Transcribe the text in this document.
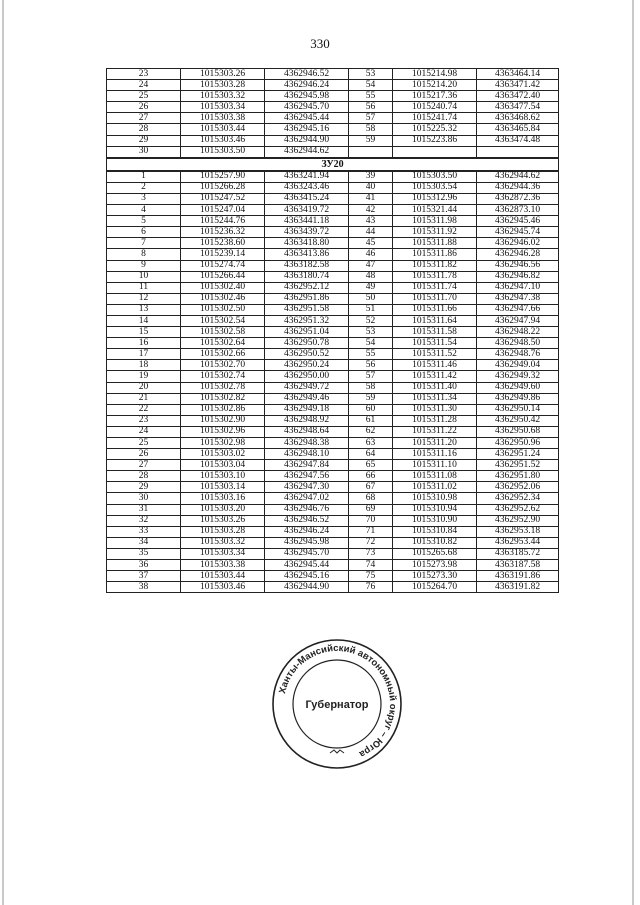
330
23	1015303.26	4362946.52	53	1015214.98	4363464.14
24	1015303.28	4362946.24	54	1015214.20	4363471.42
25	1015303.32	4362945.98	55	1015217.36	4363472.40
26	1015303.34	4362945.70	56	1015240.74	4363477.54
27	1015303.38	4362945.44	57	1015241.74	4363468.62
28	1015303.44	4362945.16	58	1015225.32	4363465.84
29	1015303.46	4362944.90	59	1015223.86	4363474.48
30	1015303.50	4362944.62			
ЗУ20					
1	1015257.90	4363241.94	39	1015303.50	4362944.62
2	1015266.28	4363243.46	40	1015303.54	4362944.36
3	1015247.52	4363415.24	41	1015312.96	4362872.36
4	1015247.04	4363419.72	42	1015321.44	4362873.10
5	1015244.76	4363441.18	43	1015311.98	4362945.46
6	1015236.32	4363439.72	44	1015311.92	4362945.74
7	1015238.60	4363418.80	45	1015311.88	4362946.02
8	1015239.14	4363413.86	46	1015311.86	4362946.28
9	1015274.74	4363182.58	47	1015311.82	4362946.56
10	1015266.44	4363180.74	48	1015311.78	4362946.82
11	1015302.40	4362952.12	49	1015311.74	4362947.10
12	1015302.46	4362951.86	50	1015311.70	4362947.38
13	1015302.50	4362951.58	51	1015311.66	4362947.66
14	1015302.54	4362951.32	52	1015311.64	4362947.94
15	1015302.58	4362951.04	53	1015311.58	4362948.22
16	1015302.64	4362950.78	54	1015311.54	4362948.50
17	1015302.66	4362950.52	55	1015311.52	4362948.76
18	1015302.70	4362950.24	56	1015311.46	4362949.04
19	1015302.74	4362950.00	57	1015311.42	4362949.32
20	1015302.78	4362949.72	58	1015311.40	4362949.60
21	1015302.82	4362949.46	59	1015311.34	4362949.86
22	1015302.86	4362949.18	60	1015311.30	4362950.14
23	1015302.90	4362948.92	61	1015311.28	4362950.42
24	1015302.96	4362948.64	62	1015311.22	4362950.68
25	1015302.98	4362948.38	63	1015311.20	4362950.96
26	1015303.02	4362948.10	64	1015311.16	4362951.24
27	1015303.04	4362947.84	65	1015311.10	4362951.52
28	1015303.10	4362947.56	66	1015311.08	4362951.80
29	1015303.14	4362947.30	67	1015311.02	4362952.06
30	1015303.16	4362947.02	68	1015310.98	4362952.34
31	1015303.20	4362946.76	69	1015310.94	4362952.62
32	1015303.26	4362946.52	70	1015310.90	4362952.90
33	1015303.28	4362946.24	71	1015310.84	4362953.18
34	1015303.32	4362945.98	72	1015310.82	4362953.44
35	1015303.34	4362945.70	73	1015265.68	4363185.72
36	1015303.38	4362945.44	74	1015273.98	4363187.58
37	1015303.44	4362945.16	75	1015273.30	4363191.86
38	1015303.46	4362944.90	76	1015264.70	4363191.82
Ханты-Мансийский автономный округ – Югра
Губернатор
